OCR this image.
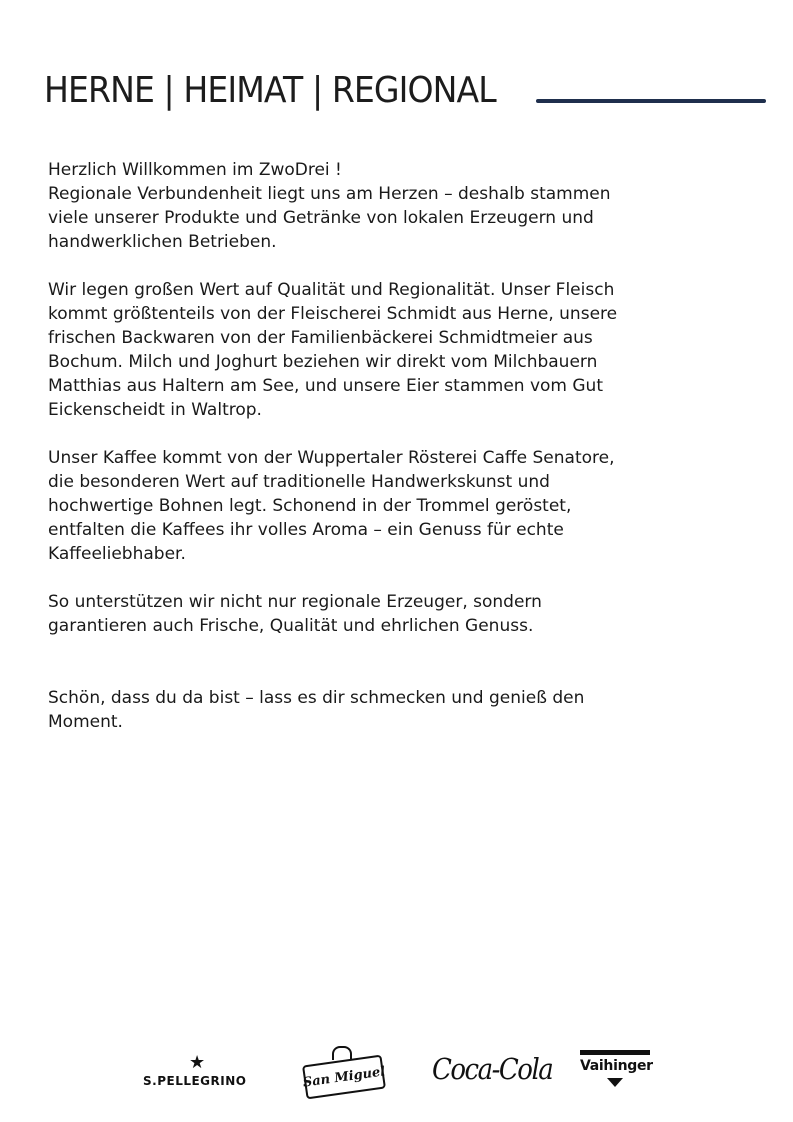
HERNE | HEIMAT | REGIONAL

Herzlich Willkommen im ZwoDrei !

Regionale Verbundenheit liegt uns am Herzen – deshalb stammen

viele unserer Produkte und Getränke von lokalen Erzeugern und

handwerklichen Betrieben.

Wir legen großen Wert auf Qualität und Regionalität. Unser Fleisch

kommt größtenteils von der Fleischerei Schmidt aus Herne, unsere

frischen Backwaren von der Familienbäckerei Schmidtmeier aus

Bochum. Milch und Joghurt beziehen wir direkt vom Milchbauern

Matthias aus Haltern am See, und unsere Eier stammen vom Gut

Eickenscheidt in Waltrop.

Unser Kaffee kommt von der Wuppertaler Rösterei Caffe Senatore,

die besonderen Wert auf traditionelle Handwerkskunst und

hochwertige Bohnen legt. Schonend in der Trommel geröstet,

entfalten die Kaffees ihr volles Aroma – ein Genuss für echte

Kaffeeliebhaber.

So unterstützen wir nicht nur regionale Erzeuger, sondern

garantieren auch Frische, Qualität und ehrlichen Genuss.

Schön, dass du da bist – lass es dir schmecken und genieß den

Moment.

★
S.PELLEGRINO	San Miguel Coca-Cola Vaihinger
